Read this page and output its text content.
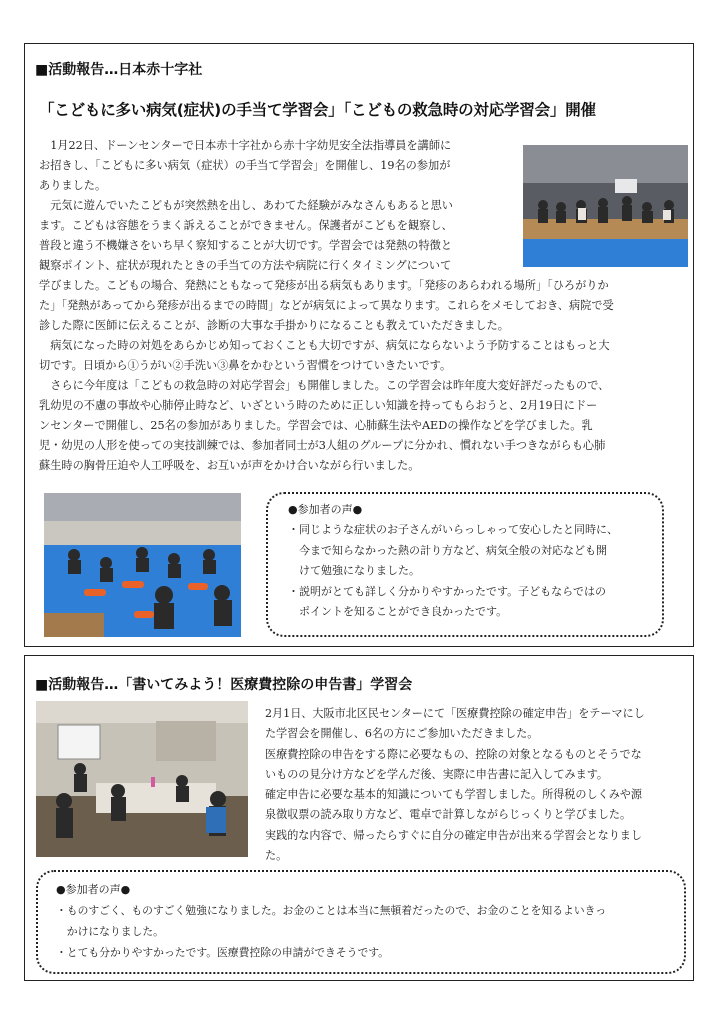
■活動報告…日本赤十字社
「こどもに多い病気(症状)の手当て学習会」「こどもの救急時の対応学習会」開催
　1月22日、ドーンセンターで日本赤十字社から赤十字幼児安全法指導員を講師に
お招きし、「こどもに多い病気（症状）の手当て学習会」を開催し、19名の参加が
ありました。
　元気に遊んでいたこどもが突然熱を出し、あわてた経験がみなさんもあると思い
ます。こどもは容態をうまく訴えることができません。保護者がこどもを観察し、
普段と違う不機嫌さをいち早く察知することが大切です。学習会では発熱の特徴と
観察ポイント、症状が現れたときの手当ての方法や病院に行くタイミングについて
学びました。こどもの場合、発熱にともなって発疹が出る病気もあります。「発疹のあらわれる場所」「ひろがりか
た」「発熱があってから発疹が出るまでの時間」などが病気によって異なります。これらをメモしておき、病院で受
診した際に医師に伝えることが、診断の大事な手掛かりになることも教えていただきました。
　病気になった時の対処をあらかじめ知っておくことも大切ですが、病気にならないよう予防することはもっと大
切です。日頃から①うがい②手洗い③鼻をかむという習慣をつけていきたいです。
　さらに今年度は「こどもの救急時の対応学習会」も開催しました。この学習会は昨年度大変好評だったもので、
乳幼児の不慮の事故や心肺停止時など、いざという時のために正しい知識を持ってもらおうと、2月19日にドー
ンセンターで開催し、25名の参加がありました。学習会では、心肺蘇生法やAEDの操作などを学びました。乳
児・幼児の人形を使っての実技訓練では、参加者同士が3人組のグループに分かれ、慣れない手つきながらも心肺
蘇生時の胸骨圧迫や人工呼吸を、お互いが声をかけ合いながら行いました。
●参加者の声●
・同じような症状のお子さんがいらっしゃって安心したと同時に、
　今まで知らなかった熱の計り方など、病気全般の対応なども開
　けて勉強になりました。
・説明がとても詳しく分かりやすかったです。子どもならではの
　ポイントを知ることができ良かったです。
■活動報告…「書いてみよう！医療費控除の申告書」学習会
2月1日、大阪市北区民センターにて「医療費控除の確定申告」をテーマにし
た学習会を開催し、6名の方にご参加いただきました。
医療費控除の申告をする際に必要なもの、控除の対象となるものとそうでな
いものの見分け方などを学んだ後、実際に申告書に記入してみます。
確定申告に必要な基本的知識についても学習しました。所得税のしくみや源
泉徴収票の読み取り方など、電卓で計算しながらじっくりと学びました。
実践的な内容で、帰ったらすぐに自分の確定申告が出来る学習会となりまし
た。
●参加者の声●
・ものすごく、ものすごく勉強になりました。お金のことは本当に無頓着だったので、お金のことを知るよいきっ
　かけになりました。
・とても分かりやすかったです。医療費控除の申請ができそうです。
